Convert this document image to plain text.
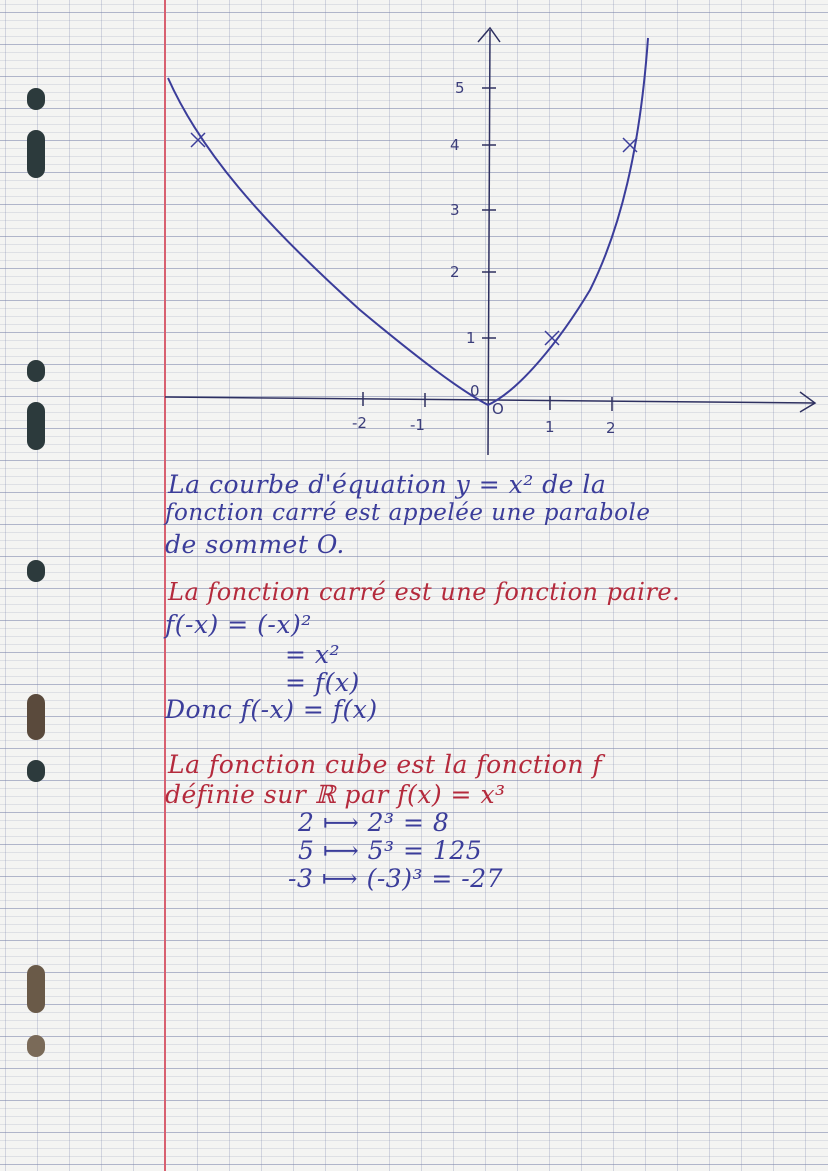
1
2
3
4
5
-2	-1	1	2
0
O
La courbe d'équation y = x² de la
fonction carré est appelée une parabole
de sommet O.
La fonction carré est une fonction paire.
f(-x) = (-x)²
= x²
= f(x)
Donc f(-x) = f(x)
La fonction cube est la fonction f
définie sur ℝ par f(x) = x³
2 ⟼ 2³ = 8
5 ⟼ 5³ = 125
-3 ⟼ (-3)³ = -27
